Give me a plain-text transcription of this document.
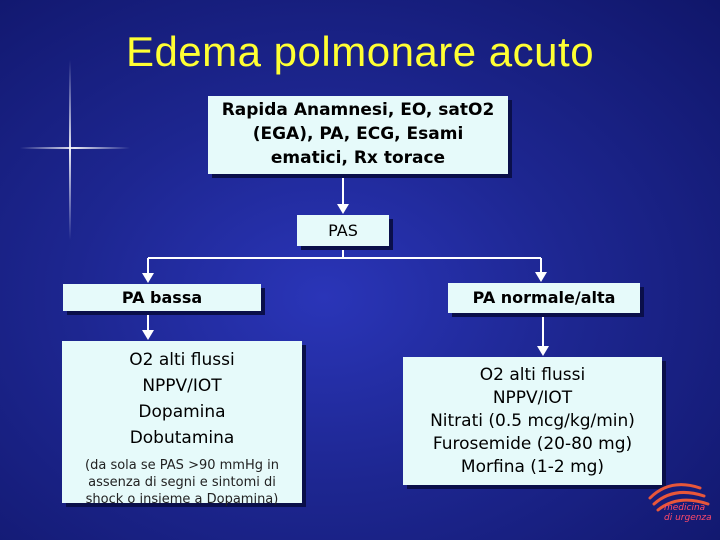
Edema polmonare acuto
Rapida Anamnesi, EO, satO2
(EGA), PA, ECG, Esami
ematici, Rx torace
PAS
PA bassa	PA normale/alta
O2 alti flussi
NPPV/IOT
Dopamina
Dobutamina
(da sola se PAS >90 mmHg in
assenza di segni e sintomi di
shock o insieme a Dopamina)
O2 alti flussi
NPPV/IOT
Nitrati (0.5 mcg/kg/min)
Furosemide (20-80 mg)
Morfina (1-2 mg)
medicina
di urgenza
